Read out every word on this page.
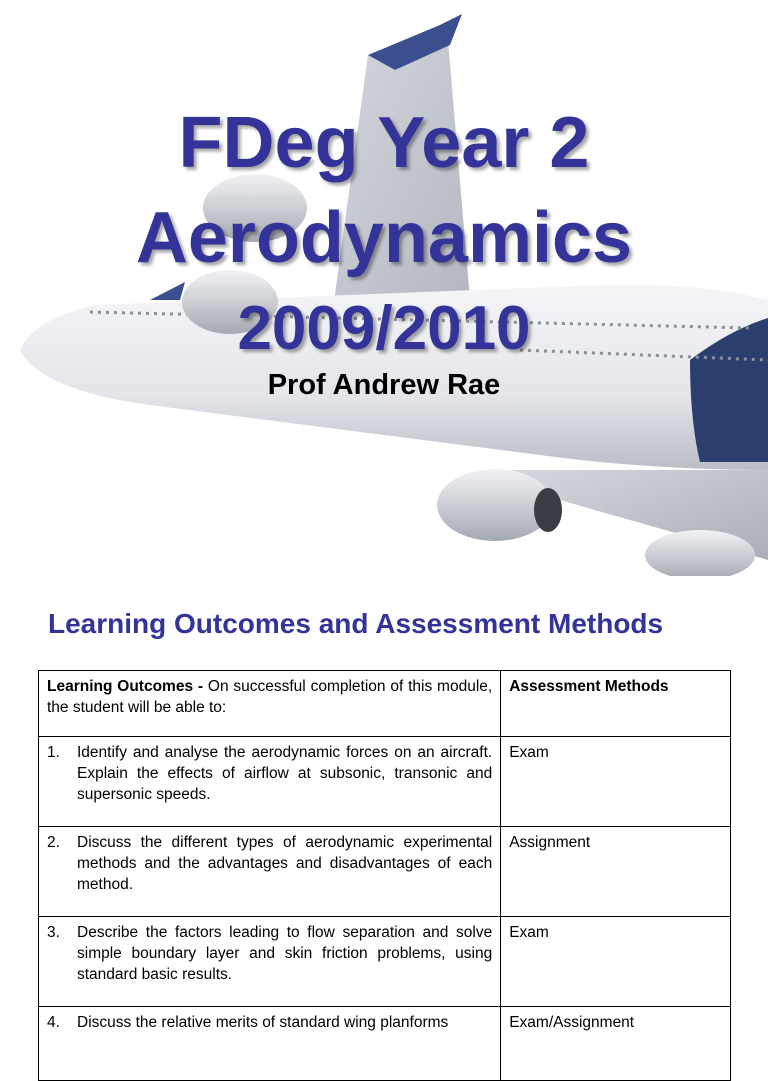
FDeg Year 2
Aerodynamics
2009/2010
Prof Andrew Rae
Learning Outcomes and Assessment Methods
Learning Outcomes - On successful completion of this module, the student will be able to:	Assessment Methods

1. Identify and analyse the aerodynamic forces on an aircraft. Explain the effects of airflow at subsonic, transonic and supersonic speeds.	Exam

2. Discuss the different types of aerodynamic experimental methods and the advantages and disadvantages of each method.	Assignment

3. Describe the factors leading to flow separation and solve simple boundary layer and skin friction problems, using standard basic results.	Exam

4. Discuss the relative merits of standard wing planforms	Exam/Assignment
